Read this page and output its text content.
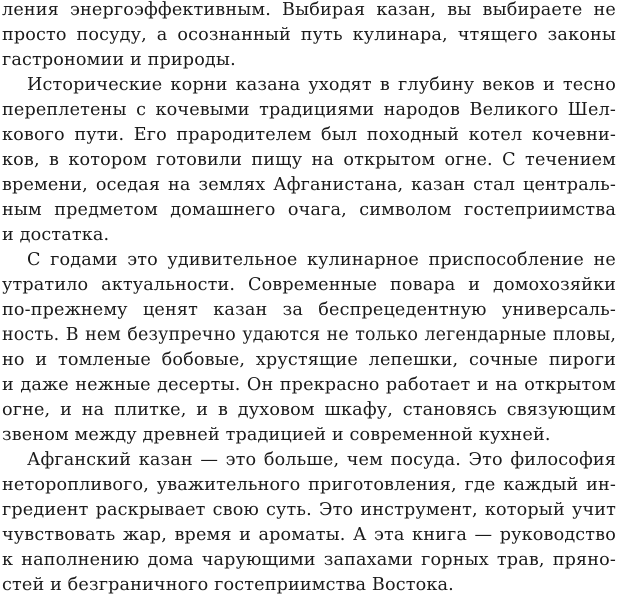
ления энергоэффективным. Выбирая казан, вы выбираете не
просто посуду, а осознанный путь кулинара, чтящего законы
гастрономии и природы.
Исторические корни казана уходят в глубину веков и тесно
переплетены с кочевыми традициями народов Великого Шел-
кового пути. Его прародителем был походный котел кочевни-
ков, в котором готовили пищу на открытом огне. С течением
времени, оседая на землях Афганистана, казан стал централь-
ным предметом домашнего очага, символом гостеприимства
и достатка.
С годами это удивительное кулинарное приспособление не
утратило актуальности. Современные повара и домохозяйки
по-прежнему ценят казан за беспрецедентную универсаль-
ность. В нем безупречно удаются не только легендарные пловы,
но и томленые бобовые, хрустящие лепешки, сочные пироги
и даже нежные десерты. Он прекрасно работает и на открытом
огне, и на плитке, и в духовом шкафу, становясь связующим
звеном между древней традицией и современной кухней.
Афганский казан — это больше, чем посуда. Это философия
неторопливого, уважительного приготовления, где каждый ин-
гредиент раскрывает свою суть. Это инструмент, который учит
чувствовать жар, время и ароматы. А эта книга — руководство
к наполнению дома чарующими запахами горных трав, пряно-
стей и безграничного гостеприимства Востока.
